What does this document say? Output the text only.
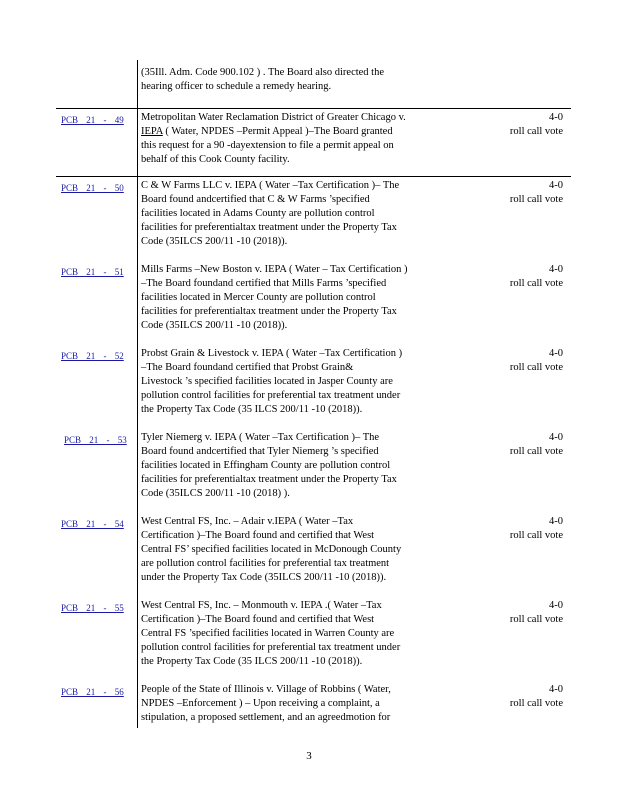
(35Ill. Adm. Code 900.102 ) . The Board also directed the
hearing officer to schedule a remedy hearing.
PCB 21 - 49 Metropolitan Water Reclamation District of Greater Chicago v.
IEPA ( Water, NPDES –Permit Appeal )–The Board granted
this request for a 90 -dayextension to file a permit appeal on
behalf of this Cook County facility.
4-0
roll call vote
PCB 21 - 50 C & W Farms LLC v. IEPA ( Water –Tax Certification )– The
Board found andcertified that C & W Farms ’specified
facilities located in Adams County are pollution control
facilities for preferentialtax treatment under the Property Tax
Code (35ILCS 200/11 -10 (2018)).
4-0
roll call vote
PCB 21 - 51 Mills Farms –New Boston v. IEPA ( Water – Tax Certification )
–The Board foundand certified that Mills Farms ’specified
facilities located in Mercer County are pollution control
facilities for preferentialtax treatment under the Property Tax
Code (35ILCS 200/11 -10 (2018)).
4-0
roll call vote
PCB 21 - 52 Probst Grain & Livestock v. IEPA ( Water –Tax Certification )
–The Board foundand certified that Probst Grain&
Livestock ’s specified facilities located in Jasper County are
pollution control facilities for preferential tax treatment under
the Property Tax Code (35 ILCS 200/11 -10 (2018)).
4-0
roll call vote
PCB 21 - 53 Tyler Niemerg v. IEPA ( Water –Tax Certification )– The
Board found andcertified that Tyler Niemerg ’s specified
facilities located in Effingham County are pollution control
facilities for preferentialtax treatment under the Property Tax
Code (35ILCS 200/11 -10 (2018) ).
4-0
roll call vote
PCB 21 - 54 West Central FS, Inc. – Adair v.IEPA ( Water –Tax
Certification )–The Board found and certified that West
Central FS’ specified facilities located in McDonough County
are pollution control facilities for preferential tax treatment
under the Property Tax Code (35ILCS 200/11 -10 (2018)).
4-0
roll call vote
PCB 21 - 55 West Central FS, Inc. – Monmouth v. IEPA .( Water –Tax
Certification )–The Board found and certified that West
Central FS ’specified facilities located in Warren County are
pollution control facilities for preferential tax treatment under
the Property Tax Code (35 ILCS 200/11 -10 (2018)).
4-0
roll call vote
PCB 21 - 56 People of the State of Illinois v. Village of Robbins ( Water,
NPDES –Enforcement ) – Upon receiving a complaint, a
stipulation, a proposed settlement, and an agreedmotion for
4-0
roll call vote
3
